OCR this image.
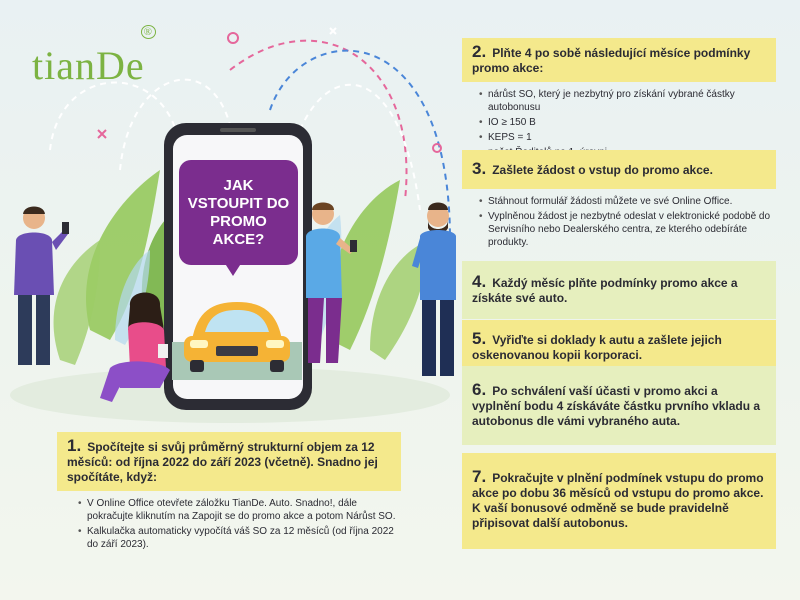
tianDe®
JAK VSTOUPIT DO PROMO AKCE?
2. Plňte 4 po sobě následující měsíce podmínky promo akce:
• nárůst SO, který je nezbytný pro získání vybrané částky autobonusu
• IO ≥ 150 B
• KEPS = 1
•
3. Zašlete žádost o vstup do promo akce.
• Stáhnout formulář žádosti můžete ve své Online Office.
• Vyplněnou žádost je nezbytné odeslat v elektronické podobě do Servisního nebo Dealerského centra, ze kterého odebíráte produkty.
4. Každý měsíc plňte podmínky promo akce a získáte své auto.
5. Vyřiďte si doklady k autu a zašlete jejich oskenovanou kopii korporaci.
6. Po schválení vaší účasti v promo akci a vyplnění bodu 4 získáváte částku prvního vkladu a autobonus dle vámi vybraného auta.
7. Pokračujte v plnění podmínek vstupu do promo akce po dobu 36 měsíců od vstupu do promo akce. K vaší bonusové odměně se bude pravidelně připisovat další autobonus.
1. Spočítejte si svůj průměrný strukturní objem za 12 měsíců: od října 2022 do září 2023 (včetně). Snadno jej spočítáte, když:
• V Online Office otevřete záložku TianDe. Auto. Snadno!, dále pokračujte kliknutím na Zapojit se do promo akce a potom Nárůst SO.
• Kalkulačka automaticky vypočítá váš SO za 12 měsíců (od října 2022 do září 2023).
